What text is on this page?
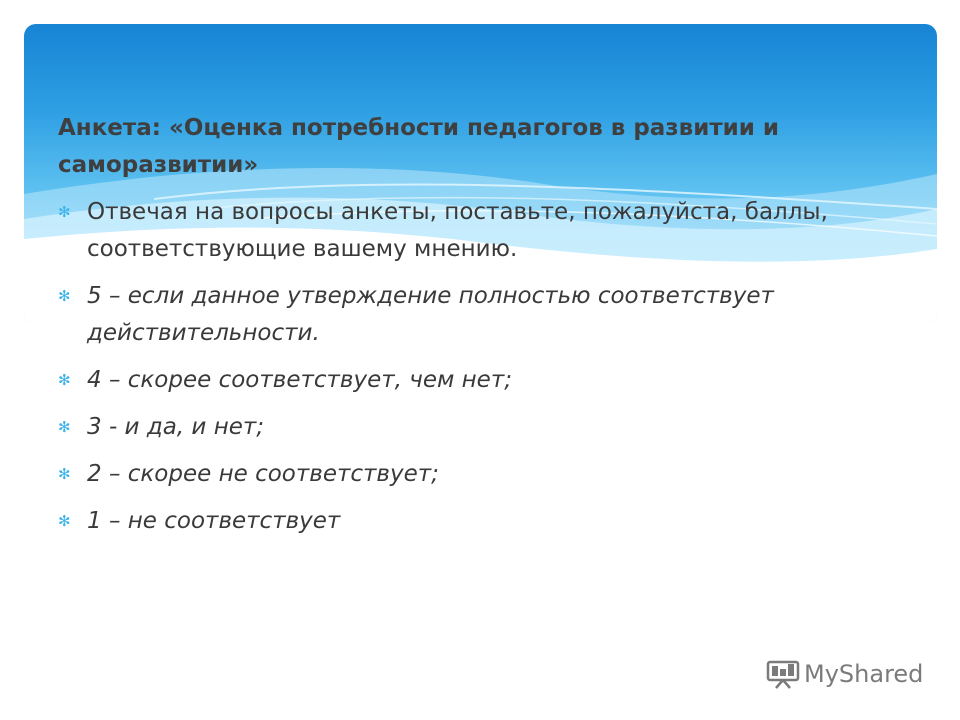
Анкета: «Оценка потребности педагогов в развитии и
саморазвитии»
✻ Отвечая на вопросы анкеты, поставьте, пожалуйста, баллы, соответствующие вашему мнению.
✻ 5 – если данное утверждение полностью соответствует действительности.
✻ 4 – скорее соответствует, чем нет;
✻ 3 - и да, и нет;
✻ 2 – скорее не соответствует;
✻ 1 – не соответствует
MyShared
